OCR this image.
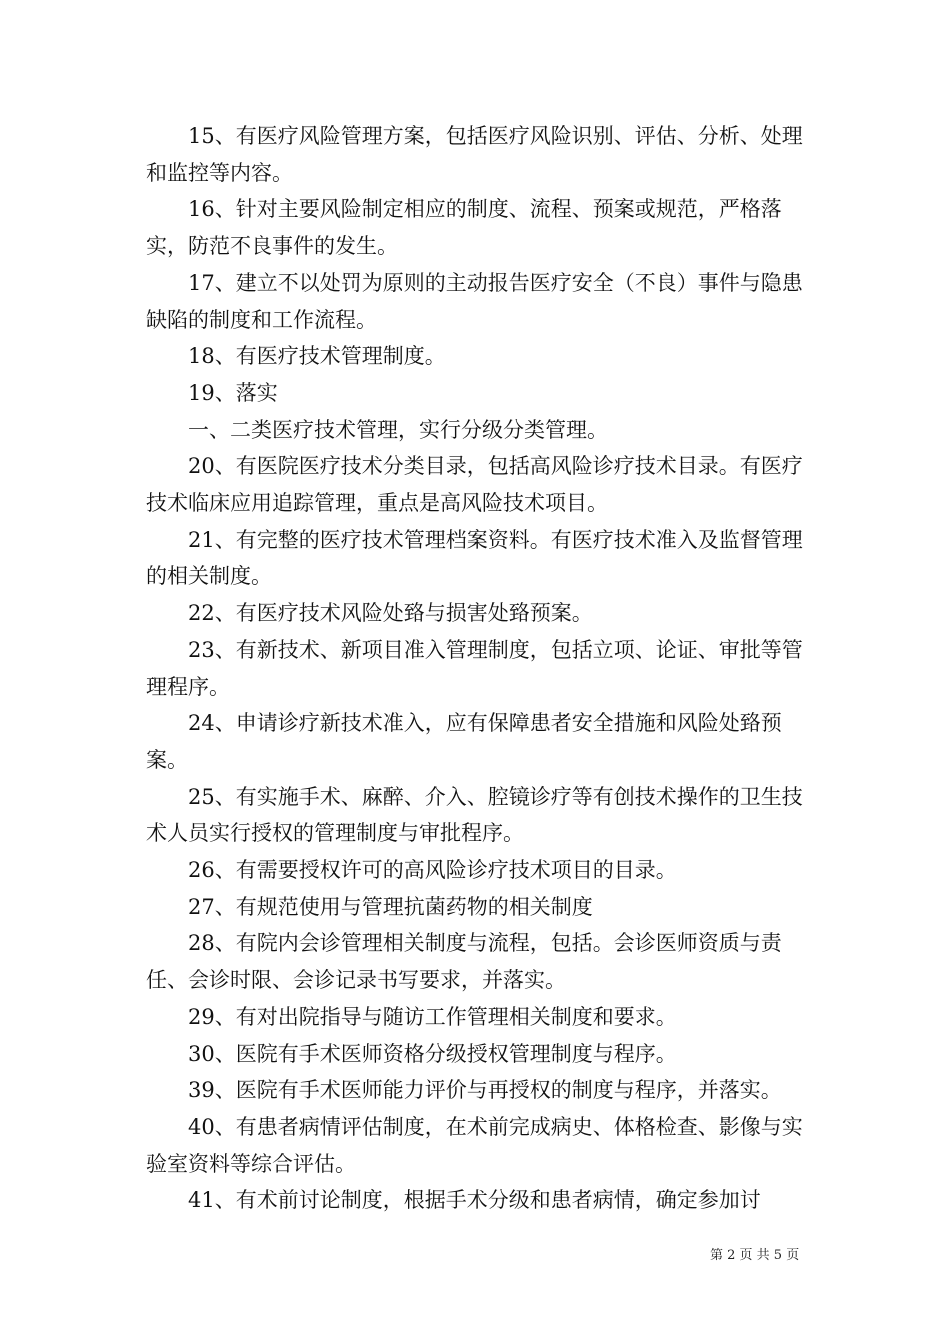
15、有医疗风险管理方案，包括医疗风险识别、评估、分析、处理和监控等内容。

16、针对主要风险制定相应的制度、流程、预案或规范，严格落实，防范不良事件的发生。

17、建立不以处罚为原则的主动报告医疗安全（不良）事件与隐患缺陷的制度和工作流程。

18、有医疗技术管理制度。

19、落实

一、二类医疗技术管理，实行分级分类管理。

20、有医院医疗技术分类目录，包括高风险诊疗技术目录。有医疗技术临床应用追踪管理，重点是高风险技术项目。

21、有完整的医疗技术管理档案资料。有医疗技术准入及监督管理的相关制度。

22、有医疗技术风险处臵与损害处臵预案。

23、有新技术、新项目准入管理制度，包括立项、论证、审批等管理程序。

24、申请诊疗新技术准入，应有保障患者安全措施和风险处臵预案。

25、有实施手术、麻醉、介入、腔镜诊疗等有创技术操作的卫生技术人员实行授权的管理制度与审批程序。

26、有需要授权许可的高风险诊疗技术项目的目录。

27、有规范使用与管理抗菌药物的相关制度

28、有院内会诊管理相关制度与流程，包括。会诊医师资质与责任、会诊时限、会诊记录书写要求，并落实。

29、有对出院指导与随访工作管理相关制度和要求。

30、医院有手术医师资格分级授权管理制度与程序。

39、医院有手术医师能力评价与再授权的制度与程序，并落实。

40、有患者病情评估制度，在术前完成病史、体格检查、影像与实验室资料等综合评估。

41、有术前讨论制度，根据手术分级和患者病情，确定参加讨

第 2 页 共 5 页
